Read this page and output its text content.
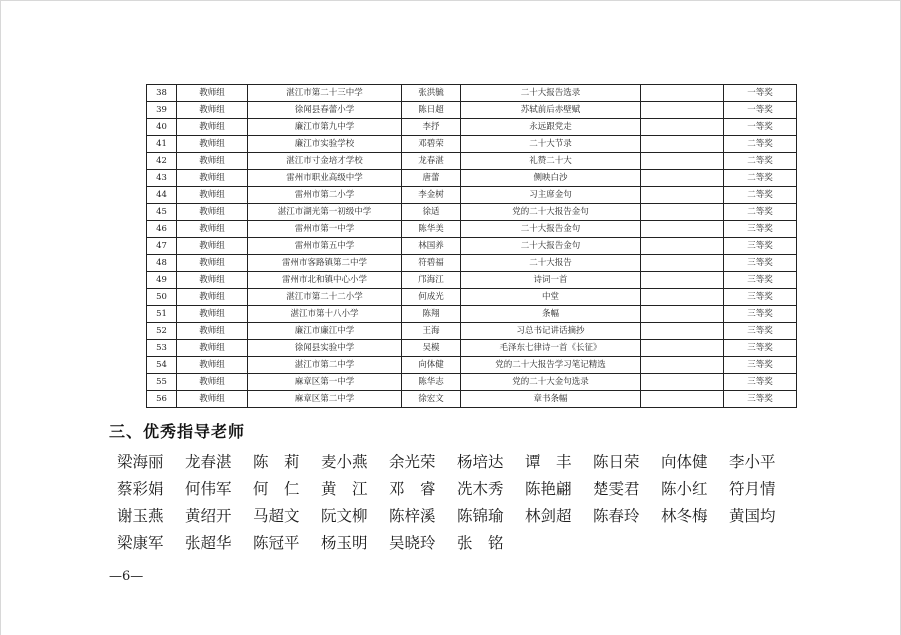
38	教师组	湛江市第二十三中学	张洪毓	二十大报告选录		一等奖
39	教师组	徐闻县春蕾小学	陈日超	苏轼前后赤壁赋		一等奖
40	教师组	廉江市第九中学	李抒	永远跟党走		一等奖
41	教师组	廉江市实验学校	邓碧荣	二十大节录		二等奖
42	教师组	湛江市寸金培才学校	龙春湛	礼赞二十大		二等奖
43	教师组	雷州市职业高级中学	唐蕾	侧映白沙		二等奖
44	教师组	雷州市第二小学	李金树	习主席金句		二等奖
45	教师组	湛江市湖光第一初级中学	徐适	党的二十大报告金句		二等奖
46	教师组	雷州市第一中学	陈华美	二十大报告金句		三等奖
47	教师组	雷州市第五中学	林国养	二十大报告金句		三等奖
48	教师组	雷州市客路镇第二中学	符碧福	二十大报告		三等奖
49	教师组	雷州市北和镇中心小学	邝海江	诗词一首		三等奖
50	教师组	湛江市第二十二小学	何成光	中堂		三等奖
51	教师组	湛江市第十八小学	陈翔	条幅		三等奖
52	教师组	廉江市廉江中学	王海	习总书记讲话摘抄		三等奖
53	教师组	徐闻县实验中学	吴模	毛泽东七律诗一首《长征》		三等奖
54	教师组	湛江市第二中学	向体健	党的二十大报告学习笔记精选		三等奖
55	教师组	麻章区第一中学	陈华志	党的二十大金句选录		三等奖
56	教师组	麻章区第二中学	徐宏文	章书条幅		三等奖
三、优秀指导老师
梁海丽	龙春湛	陈　莉	麦小燕	余光荣	杨培达	谭　丰	陈日荣	向体健	李小平
蔡彩娟	何伟军	何　仁	黄　江	邓　睿	冼木秀	陈艳翩	楚雯君	陈小红	符月情
谢玉燕	黄绍开	马超文	阮文柳	陈梓溪	陈锦瑜	林剑超	陈春玲	林冬梅	黄国均
梁康军	张超华	陈冠平	杨玉明	吴晓玲	张　铭
—6—
